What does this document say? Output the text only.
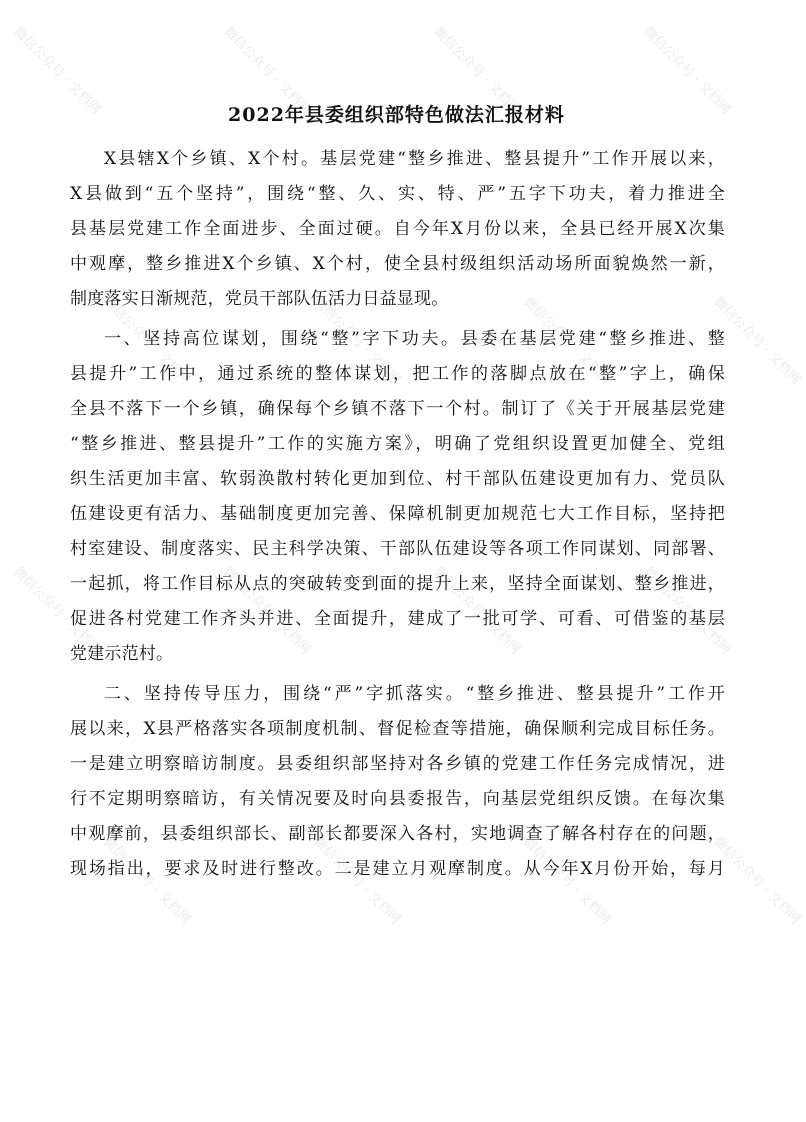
微信公众号 · 文档网	微信公众号 · 文档网	微信公众号 · 文档网	微信公众号 · 文档网
微信公众号 · 文档网	微信公众号 · 文档网	微信公众号 · 文档网	微信公众号 · 文档网
微信公众号 · 文档网	微信公众号 · 文档网	微信公众号 · 文档网	微信公众号 · 文档网
微信公众号 · 文档网	微信公众号 · 文档网	微信公众号 · 文档网	微信公众号 · 文档网
2022年县委组织部特色做法汇报材料
X县辖X个乡镇、X个村。基层党建“整乡推进、整县提升”工作开展以来，
X县做到“五个坚持”，围绕“整、久、实、特、严”五字下功夫，着力推进全
县基层党建工作全面进步、全面过硬。自今年X月份以来，全县已经开展X次集
中观摩，整乡推进X个乡镇、X个村，使全县村级组织活动场所面貌焕然一新，
制度落实日渐规范，党员干部队伍活力日益显现。
一、坚持高位谋划，围绕“整”字下功夫。县委在基层党建“整乡推进、整
县提升”工作中，通过系统的整体谋划，把工作的落脚点放在“整”字上，确保
全县不落下一个乡镇，确保每个乡镇不落下一个村。制订了《关于开展基层党建
“整乡推进、整县提升”工作的实施方案》，明确了党组织设置更加健全、党组
织生活更加丰富、软弱涣散村转化更加到位、村干部队伍建设更加有力、党员队
伍建设更有活力、基础制度更加完善、保障机制更加规范七大工作目标，坚持把
村室建设、制度落实、民主科学决策、干部队伍建设等各项工作同谋划、同部署、
一起抓，将工作目标从点的突破转变到面的提升上来，坚持全面谋划、整乡推进，
促进各村党建工作齐头并进、全面提升，建成了一批可学、可看、可借鉴的基层
党建示范村。
二、坚持传导压力，围绕“严”字抓落实。“整乡推进、整县提升”工作开
展以来，X县严格落实各项制度机制、督促检查等措施，确保顺利完成目标任务。
一是建立明察暗访制度。县委组织部坚持对各乡镇的党建工作任务完成情况，进
行不定期明察暗访，有关情况要及时向县委报告，向基层党组织反馈。在每次集
中观摩前，县委组织部长、副部长都要深入各村，实地调查了解各村存在的问题，
现场指出，要求及时进行整改。二是建立月观摩制度。从今年X月份开始，每月
